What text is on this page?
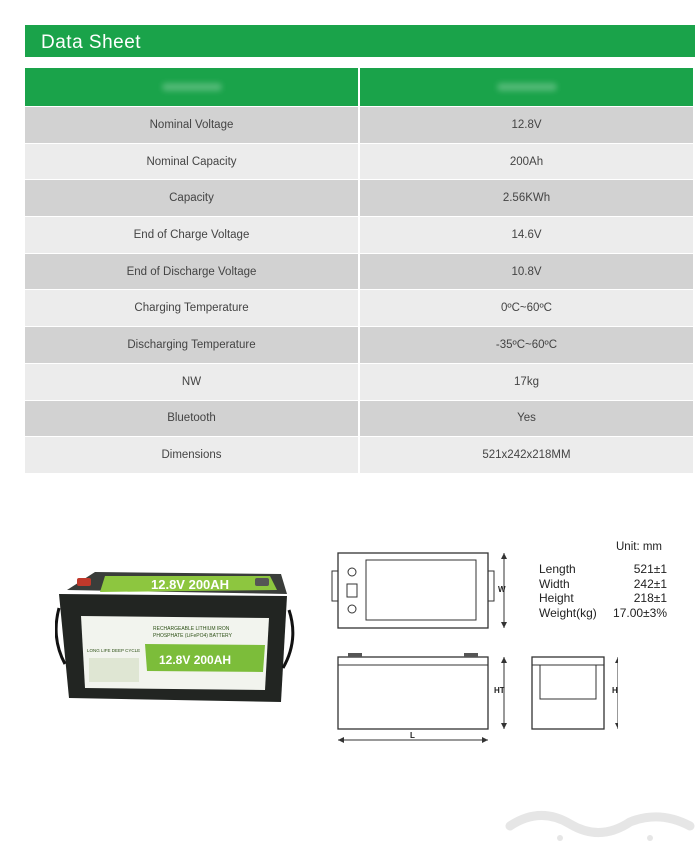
Data Sheet
Nominal Voltage	12.8V
Nominal Capacity	200Ah
Capacity	2.56KWh
End of Charge Voltage	14.6V
End of Discharge Voltage	10.8V
Charging Temperature	0ºC~60ºC
Discharging Temperature	-35ºC~60ºC
NW	17kg
Bluetooth	Yes
Dimensions	521x242x218MM
12.8V 200AH
12.8V 200AH
RECHARGEABLE LITHIUM IRON
PHOSPHATE (LiFePO4) BATTERY
LONG LIFE DEEP CYCLE
W
HT
L
H
Unit: mm
Length	521±1
Width	242±1
Height	218±1
Weight(kg) 17.00±3%
